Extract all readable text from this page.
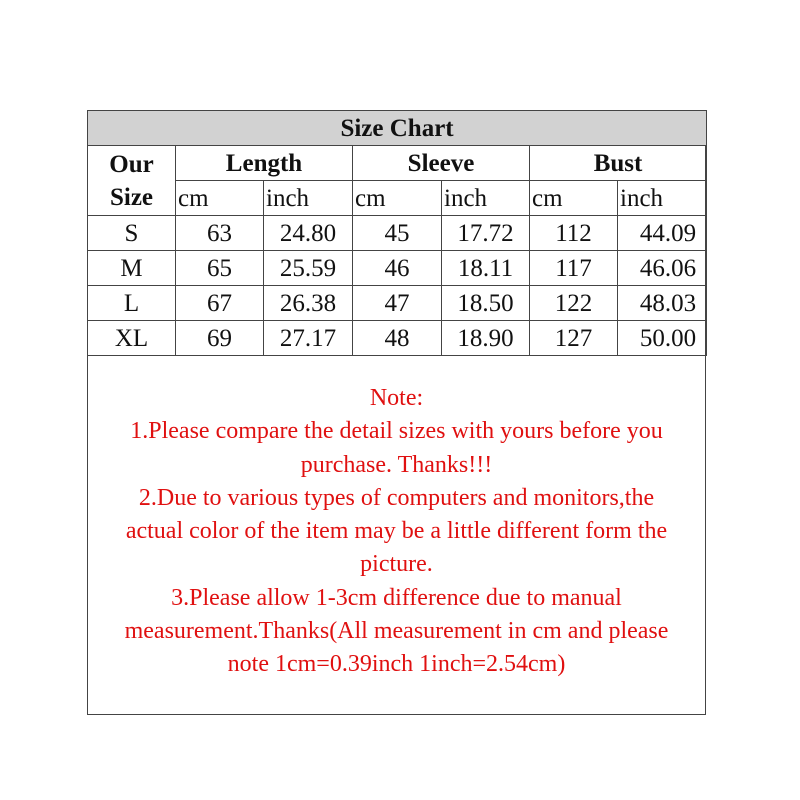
Size Chart						

Our
Size	Length		Sleeve		Bust	
	cm	inch	cm	inch	cm	inch
S	63	24.80	45	17.72	112	44.09
M	65	25.59	46	18.11	117	46.06
L	67	26.38	47	18.50	122	48.03
XL	69	27.17	48	18.90	127	50.00
Note:
1.Please compare the detail sizes with yours before you
purchase. Thanks!!!
2.Due to various types of computers and monitors,the
actual color of the item may be a little different form the
picture.
3.Please allow 1-3cm difference due to manual
measurement.Thanks(All measurement in cm and please
note 1cm=0.39inch 1inch=2.54cm)
